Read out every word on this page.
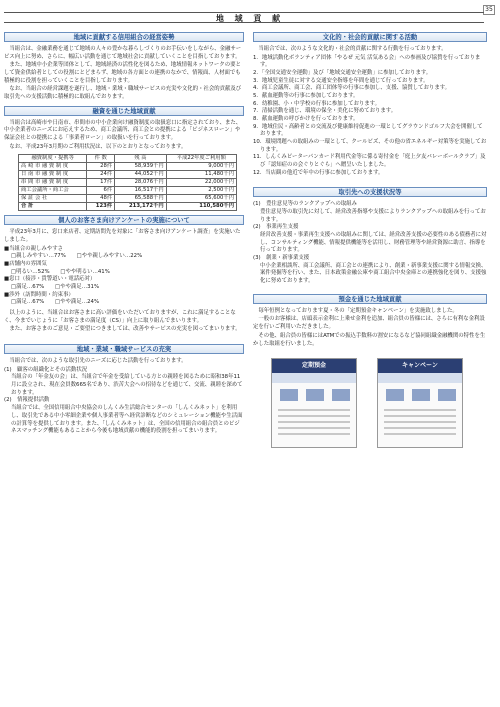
35
地 域 貢 献
地域に貢献する信用組合の経営姿勢

当組合は、金融業務を通じて地域の人々の豊かな暮らしづくりのお手伝いをしながら、金融サービス向上に努め、さらに、幅広い活動を通じて地域社会に貢献していくことを目指しております。

また、地域中小企業等団体として、地域経済の活性化を図るため、地域情報ネットワークの要として資金供給者としての役割にとどまらず、地域の各方面との連携のなかで、情報面、人材面でも積極的に役割を担っていくことを目指しております。

なお、当組合の経営課題を遂行し、地域・業域・職域サービスの充実や文化的・社会的貢献及び取引先への支援活動に積極的に取組んでおります。

融資を通じた地域貢献

当組合は高崎市や日南市、串間市の中小企業向け融資制度の取扱窓口に指定されており、また、中小企業者のニーズにお応えするため、商工会議所、商工会との提携による「ビジネスローン」や保証会社との提携による「事業者ローン」の取扱いを行っております。

なお、平成23年3月期のご利用状況は、以下のとおりとなっております。

融資制度・提携等	件 数	残 高	平成22年度ご利用額
高 崎 市 融 資 制 度	28件	58,939千円	9,000千円
日 南 市 融 資 制 度	24件	44,052千円	11,480千円
串 間 市 融 資 制 度	17件	28,076千円	22,000千円
商工会議所・商工会	6件	16,517千円	2,500千円
保 証 会 社	48件	65,588千円	65,600千円
合 計	123件	213,172千円	110,580千円
個人のお客さま向けアンケートの実施について

平成23年3月に、窓口来店者、定期訪問先を対象に「お客さま向けアンケート調査」を実施いたしました。

■当組合の親しみやすさ
□親しみやすい…77%　　□やや親しみやすい…22%
■店舗内の雰囲気
□明るい…52%　　□やや明るい…41%
■窓口（接涉・貴警道い・電話応対）
□満足…67%　　□やや満足…31%
■渉外（訪問時間・約束事）
□満足…67%　　□やや満足…24%

以上のように、当組合はお客さまに高い評価をいただいておりますが、これに満足することなく、今までいじょうに「お客さまの満足度（CS）」向上に取り組んでまいります。

また、お客さまのご意見・ご要望につきましては、改善やサービスの充実を図ってまいります。

地域・業域・職域サービスの充実

当組合では、次のような取引先のニーズに応じた活動を行っております。

(1)　顧客の組織化とその活動状況

当組合の「年金友の会」は、当組合で年金を受給している方との親睦を図るために昭和38年11月に設立され、現在会員数665名であり、渋苦大会への招待などを通じて、交流、親睦を深めております。

(2)　情報提供活動

当組合では、全国信用組合中央協会のしんくみ生活総合センターの「しんくみネット」を利用し、取引先である中小零細企業や個人事業者等へ経営診断などのシミュレーション機能や生活面の計算等を提供しております。また、「しんくみネット」は、全国の信用組合の組合員とのビジネスマッチング機能もあることから今後も地域貢献の機能的役割を担ってまいります。

文化的・社会的貢献に関する活動

当組合では、次のような文化的・社会的貢献に関する行動を行っております。

1．地域活動化ボランティア団体「やるぜ 元気 活気ある会」への参画及び協賛を行っております。
2．「全国交通安全運動」及び「地域交通安全運動」に参加しております。
3．地域児童生徒に対する交通安全指導を年間を通じて行っております。
4．商工会議所、商工会、商工団体等の行事に参加し、支援、協賛しております。
5．献血運動等の行事に参加しております。
6．幼稚園、小・中学校の行事に参加しております。
7．清掃活動を通じ、環境の保全・美化に努めております。
8．献血運動の呼びかけを行っております。
9．地域住民・高齢者との交流及び健康維持促進の一環としてグラウンドゴルフ大会を開催しております。
10．環境問題への取組みの一環として、クールビズ、その他の省エネルギー対策等を実施しております。
11．しんくみピーターパンカード利用代金等に係る寄付金を「庭上夕友バレーボールクラブ」及び「認知症のの会ぐりとぐら」へ贈呈いたしました。
12．当店観の他近で年中の行事に参加しております。
取引先への支援状況等
(1)　豊住意見等のランクアップへの取組み

豊住意見等の取引先に対して、経営改善指導や支援によりランクアップへの取組みを行っております。

(2)　事業再生支援

経営改善支援・事業再生支援への取組みに関しては、経営改善支援の必要性のある債務者に対し、コンサルティング機能、情報提供機能等を活用し、財務管理等や経営資源に助言、指導を行っております。

(3)　創業・新事業支援

中小企業相談所、商工会議所、商工会との連携により、創業・新事業支援に関する情報交換、案件発掘等を行い、また、日本政策金融公庫や商工組合中央金庫との連携強化を図り、支援強化に努めております。

預金を通じた地域貢献

毎年恒例となっております夏・冬の「定期預金キャンペーン」を実施致しました。

一般のお客様は、店頭表示金利に上乗せ金利を追加、組合員の皆様には、さらに有利な金利設定を行いご利用いただきました。

その他、組合員の皆様にはATMでの振込手数料の割安になるなど協同組織金融機関の特性を生かした取組を行いました。

定期預金	キャンペーン
